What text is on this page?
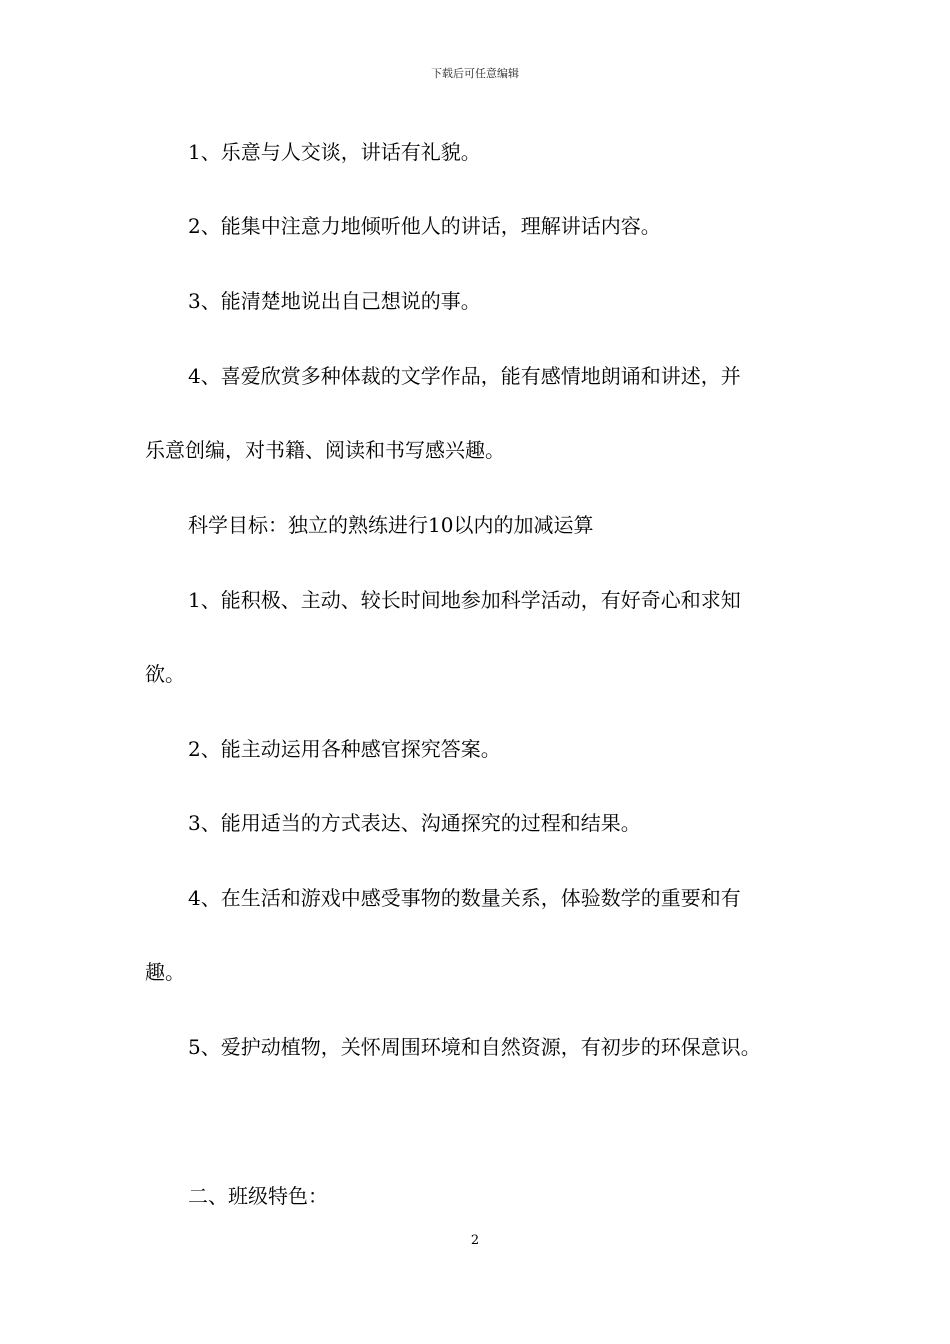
下载后可任意编辑
1、乐意与人交谈，讲话有礼貌。
2、能集中注意力地倾听他人的讲话，理解讲话内容。
3、能清楚地说出自己想说的事。
4、喜爱欣赏多种体裁的文学作品，能有感情地朗诵和讲述，并
乐意创编，对书籍、阅读和书写感兴趣。
科学目标：独立的熟练进行10以内的加减运算
1、能积极、主动、较长时间地参加科学活动，有好奇心和求知
欲。
2、能主动运用各种感官探究答案。
3、能用适当的方式表达、沟通探究的过程和结果。
4、在生活和游戏中感受事物的数量关系，体验数学的重要和有
趣。
5、爱护动植物，关怀周围环境和自然资源，有初步的环保意识。
二、班级特色：
2
